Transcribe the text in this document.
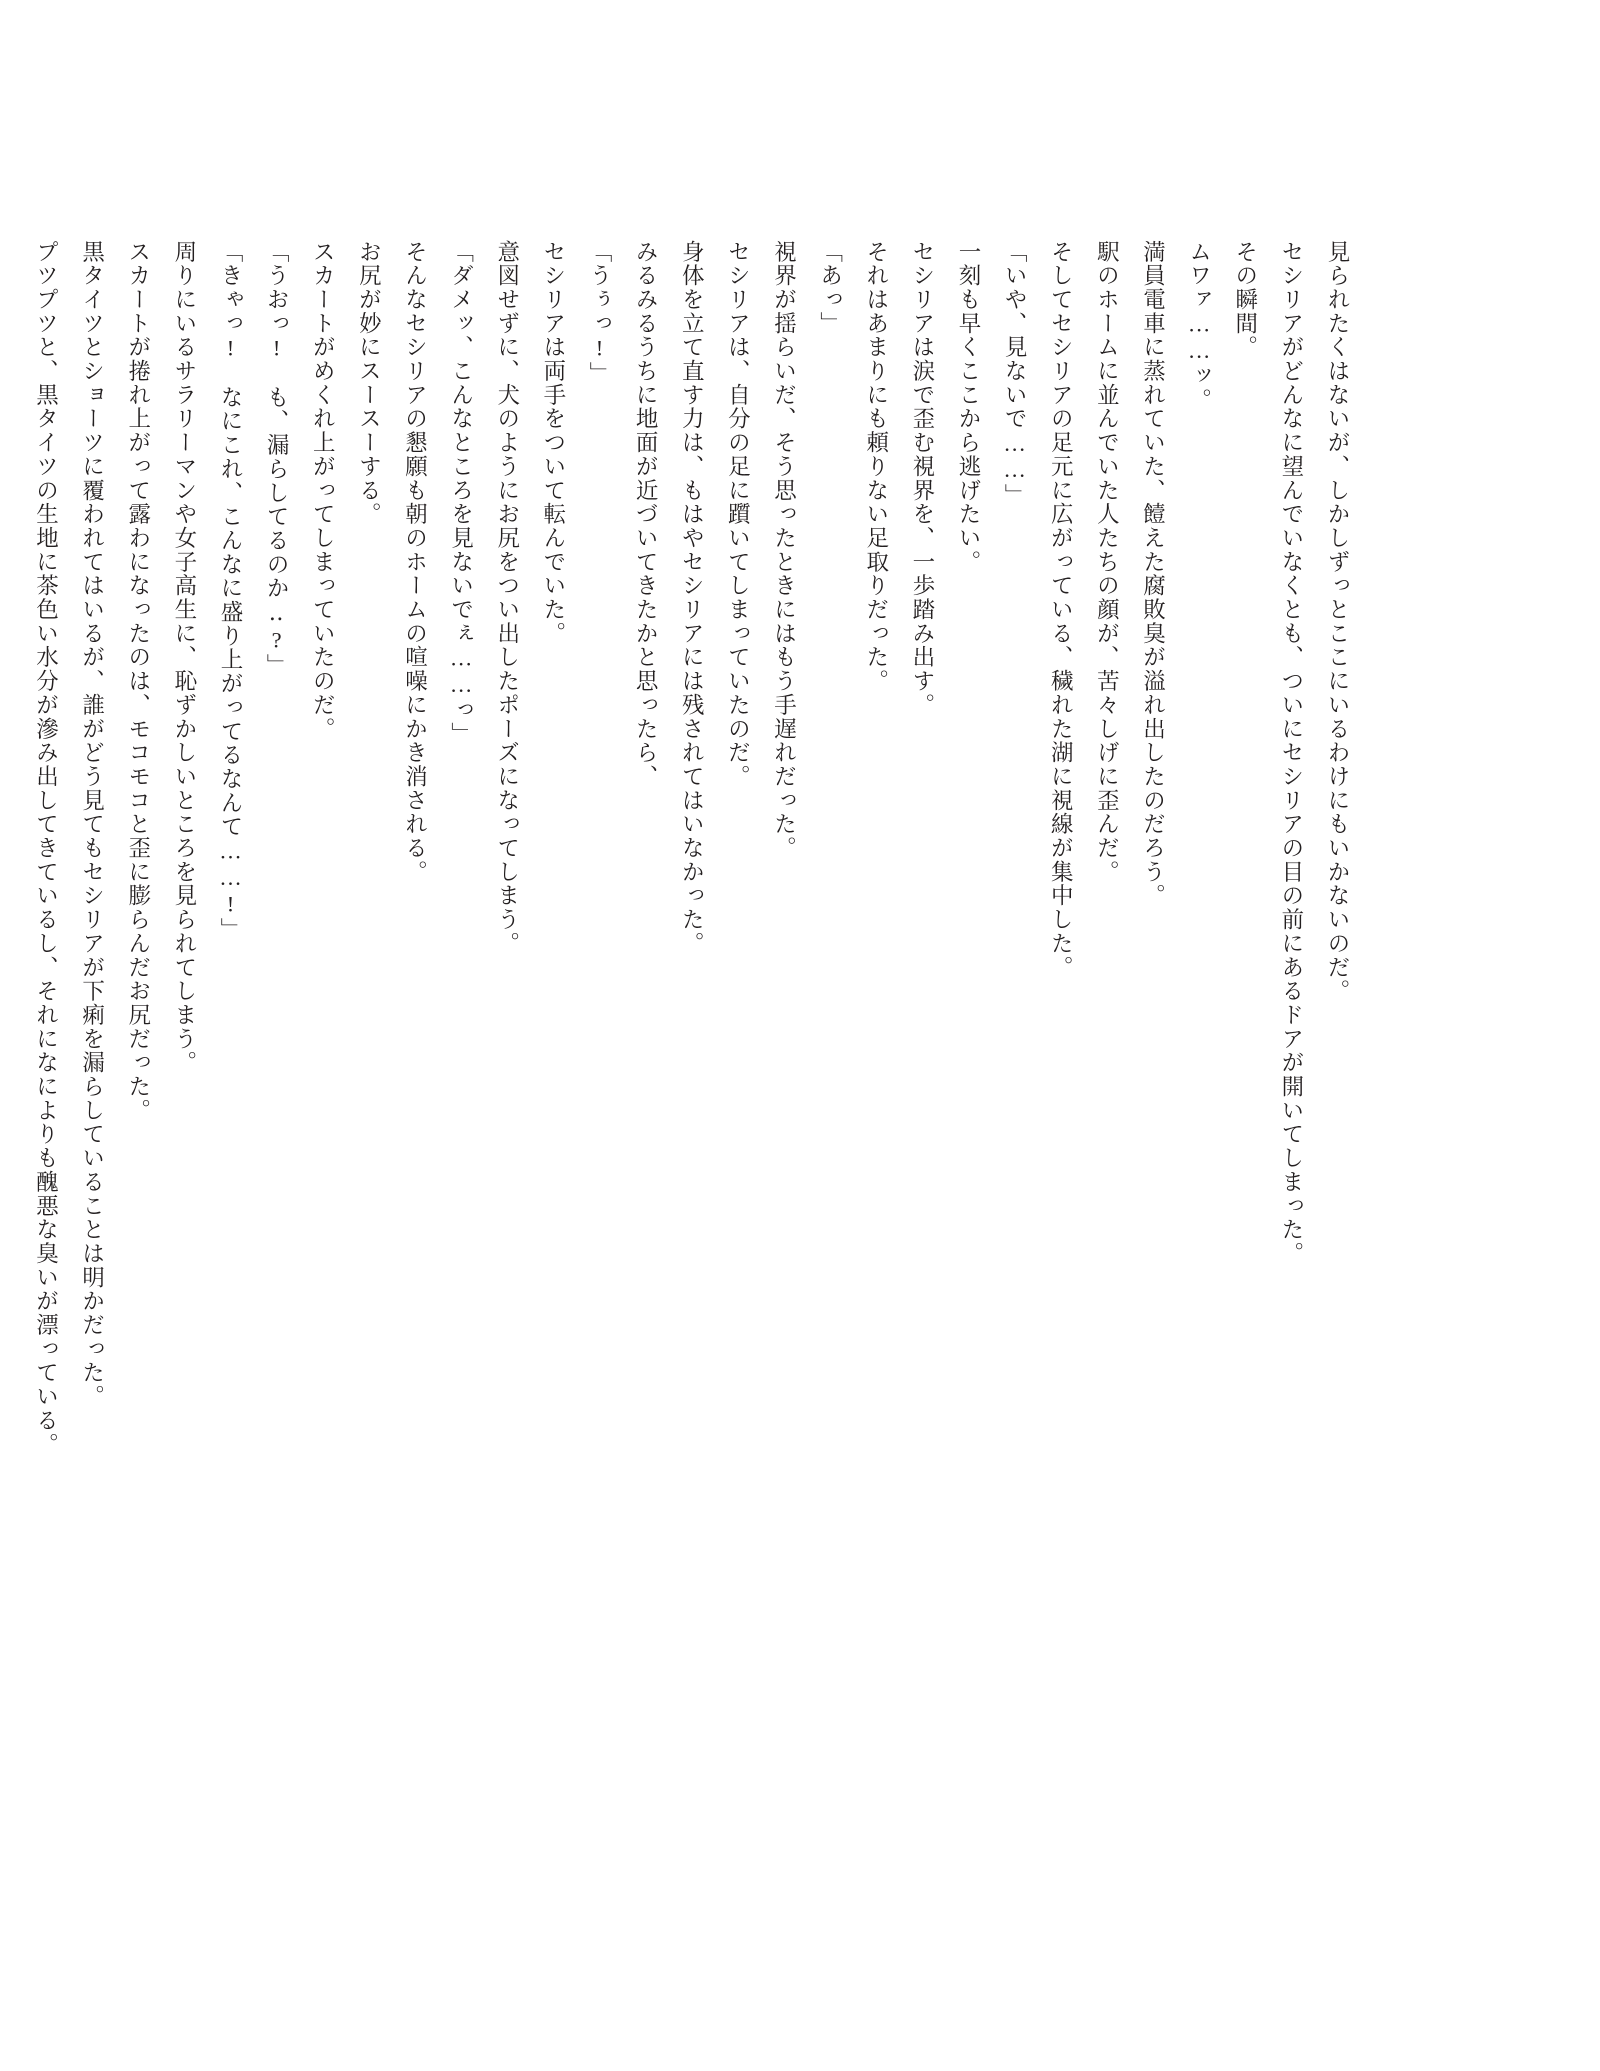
見られたくはないが、しかしずっとここにいるわけにもいかないのだ。

セシリアがどんなに望んでいなくとも、ついにセシリアの目の前にあるドアが開いてしまった。

その瞬間。

ムワァ……ッ。

満員電車に蒸れていた、饐えた腐敗臭が溢れ出したのだろう。

駅のホームに並んでいた人たちの顔が、苦々しげに歪んだ。

そしてセシリアの足元に広がっている、穢れた湖に視線が集中した。

「いや、見ないで……」

一刻も早くここから逃げたい。

セシリアは涙で歪む視界を、一歩踏み出す。

それはあまりにも頼りない足取りだった。

「あっ」

視界が揺らいだ、そう思ったときにはもう手遅れだった。

セシリアは、自分の足に躓いてしまっていたのだ。

身体を立て直す力は、もはやセシリアには残されてはいなかった。

みるみるうちに地面が近づいてきたかと思ったら、

「うぅっ!」

セシリアは両手をついて転んでいた。

意図せずに、犬のようにお尻をつい出したポーズになってしまう。

「ダメッ、こんなところを見ないでぇ……っ」

そんなセシリアの懇願も朝のホームの喧噪にかき消される。

お尻が妙にスースーする。

スカートがめくれ上がってしまっていたのだ。

「うおっ!　も、漏らしてるのか‥?」

「きゃっ!　なにこれ、こんなに盛り上がってるなんて……!」

周りにいるサラリーマンや女子高生に、恥ずかしいところを見られてしまう。

スカートが捲れ上がって露わになったのは、モコモコと歪に膨らんだお尻だった。

黒タイツとショーツに覆われてはいるが、誰がどう見てもセシリアが下痢を漏らしていることは明かだった。

プツプツと、黒タイツの生地に茶色い水分が滲み出してきているし、それになによりも醜悪な臭いが漂っている。
